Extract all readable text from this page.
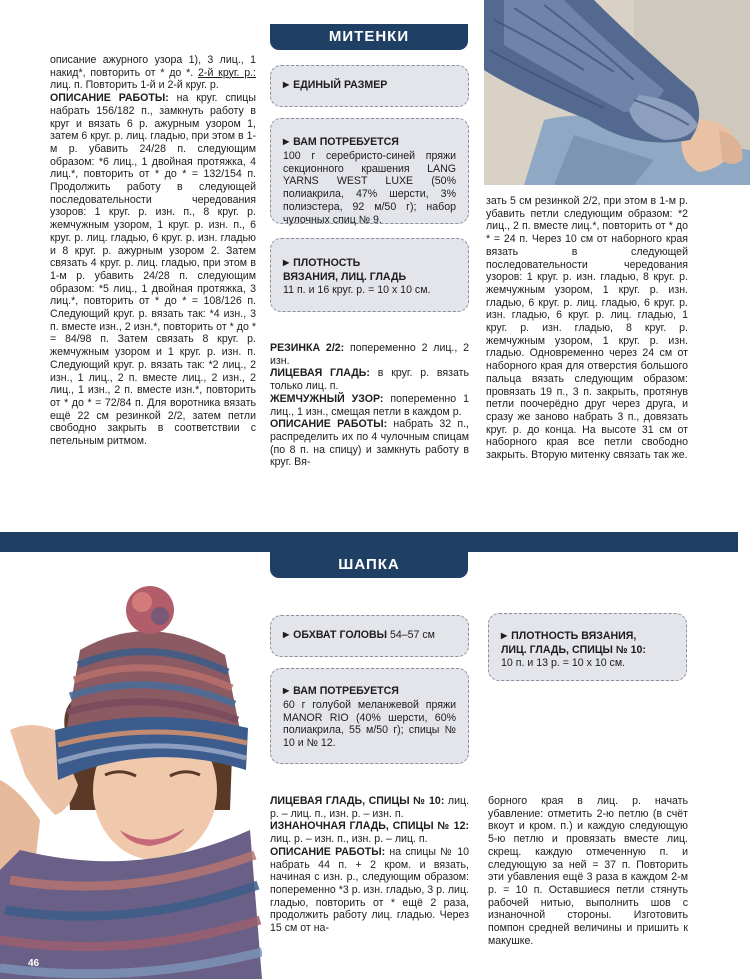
МИТЕНКИ

описание ажурного узора 1), 3 лиц., 1 накид*, повторить от * до *. 2-й круг. р.: лиц. п. Повторить 1-й и 2-й круг. р.

ОПИСАНИЕ РАБОТЫ: на круг. спицы набрать 156/182 п., замкнуть работу в круг и вязать 6 р. ажурным узором 1, затем 6 круг. р. лиц. гладью, при этом в 1-м р. убавить 24/28 п. следующим образом: *6 лиц., 1 двойная протяжка, 4 лиц.*, повторить от * до * = 132/154 п. Продолжить работу в следующей последовательности чередования узоров: 1 круг. р. изн. п., 8 круг. р. жемчужным узором, 1 круг. р. изн. п., 6 круг. р. лиц. гладью, 6 круг. р. изн. гладью и 8 круг. р. ажурным узором 2. Затем связать 4 круг. р. лиц. гладью, при этом в 1-м р. убавить 24/28 п. следующим образом: *5 лиц., 1 двойная протяжка, 3 лиц.*, повторить от * до * = 108/126 п. Следующий круг. р. вязать так: *4 изн., 3 п. вместе изн., 2 изн.*, повторить от * до * = 84/98 п. Затем связать 8 круг. р. жемчужным узором и 1 круг. р. изн. п. Следующий круг. р. вязать так: *2 лиц., 2 изн., 1 лиц., 2 п. вместе лиц., 2 изн., 2 лиц., 1 изн., 2 п. вместе изн.*, повторить от * до * = 72/84 п. Для воротника вязать ещё 22 см резинкой 2/2, затем петли свободно закрыть в соответствии с петельным ритмом.

▶ ЕДИНЫЙ РАЗМЕР
▶ ВАМ ПОТРЕБУЕТСЯ
100 г серебристо-синей пряжи секционного крашения LANG YARNS WEST LUXE (50% полиакрила, 47% шерсти, 3% полиэстера, 92 м/50 г); набор чулочных спиц № 9.
▶ ПЛОТНОСТЬ ВЯЗАНИЯ, ЛИЦ. ГЛАДЬ
11 п. и 16 круг. р. = 10 х 10 см.

РЕЗИНКА 2/2: попеременно 2 лиц., 2 изн.

ЛИЦЕВАЯ ГЛАДЬ: в круг. р. вязать только лиц. п.

ЖЕМЧУЖНЫЙ УЗОР: попеременно 1 лиц., 1 изн., смещая петли в каждом р.

ОПИСАНИЕ РАБОТЫ: набрать 32 п., распределить их по 4 чулочным спицам (по 8 п. на спицу) и замкнуть работу в круг. Вя-

зать 5 см резинкой 2/2, при этом в 1-м р. убавить петли следующим образом: *2 лиц., 2 п. вместе лиц.*, повторить от * до * = 24 п. Через 10 см от наборного края вязать в следующей последовательности чередования узоров: 1 круг. р. изн. гладью, 8 круг. р. жемчужным узором, 1 круг. р. изн. гладью, 6 круг. р. лиц. гладью, 6 круг. р. изн. гладью, 6 круг. р. лиц. гладью, 1 круг. р. изн. гладью, 8 круг. р. жемчужным узором, 1 круг. р. изн. гладью. Одновременно через 24 см от наборного края для отверстия большого пальца вязать следующим образом: провязать 19 п., 3 п. закрыть, протянув петли поочерёдно друг через друга, и сразу же заново набрать 3 п., довязать круг. р. до конца. На высоте 31 см от наборного края все петли свободно закрыть. Вторую митенку связать так же.

ШАПКА
46
▶ ОБХВАТ ГОЛОВЫ 54–57 см
▶ ВАМ ПОТРЕБУЕТСЯ
60 г голубой меланжевой пряжи MANOR RIO (40% шерсти, 60% полиакрила, 55 м/50 г); спицы № 10 и № 12.
▶ ПЛОТНОСТЬ ВЯЗАНИЯ, ЛИЦ. ГЛАДЬ, СПИЦЫ № 10:
10 п. и 13 р. = 10 х 10 см.

ЛИЦЕВАЯ ГЛАДЬ, СПИЦЫ № 10: лиц. р. – лиц. п., изн. р. – изн. п.

ИЗНАНОЧНАЯ ГЛАДЬ, СПИЦЫ № 12: лиц. р. – изн. п., изн. р. – лиц. п.

ОПИСАНИЕ РАБОТЫ: на спицы № 10 набрать 44 п. + 2 кром. и вязать, начиная с изн. р., следующим образом: попеременно *3 р. изн. гладью, 3 р. лиц. гладью, повторить от * ещё 2 раза, продолжить работу лиц. гладью. Через 15 см от на-

борного края в лиц. р. начать убавление: отметить 2-ю петлю (в счёт вкоут и кром. п.) и каждую следующую 5-ю петлю и провязать вместе лиц. скрещ. каждую отмеченную п. и следующую за ней = 37 п. Повторить эти убавления ещё 3 раза в каждом 2-м р. = 10 п. Оставшиеся петли стянуть рабочей нитью, выполнить шов с изнаночной стороны. Изготовить помпон средней величины и пришить к макушке.
